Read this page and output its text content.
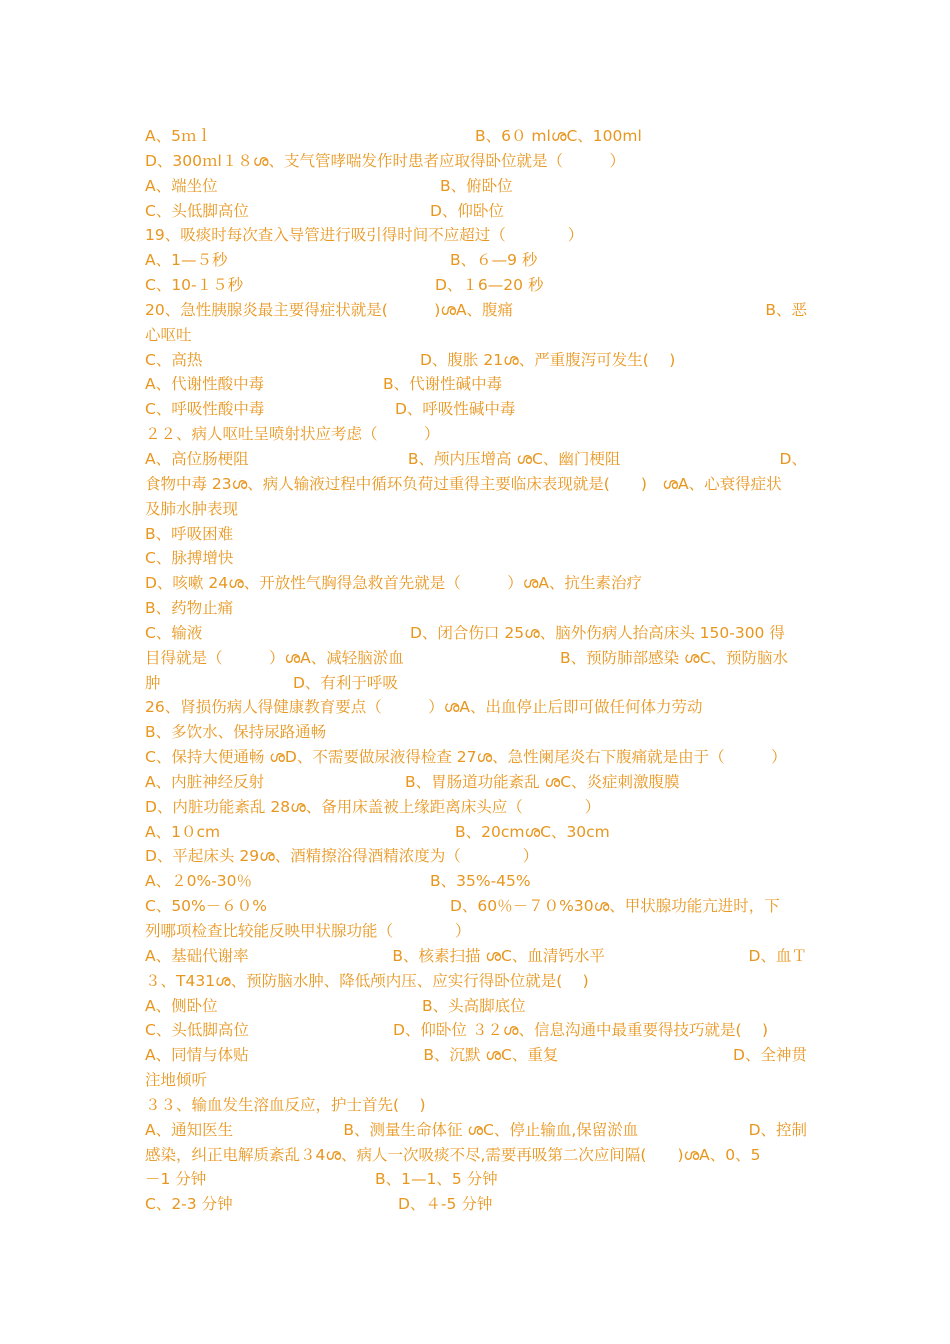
A、5ｍｌ	B、6０ mlശC、100ml
D、300ｍl１８ശ、支气管哮喘发作时患者应取得卧位就是（　　　）
A、端坐位	B、俯卧位
C、头低脚高位	D、仰卧位
19、吸痰时每次查入导管进行吸引得时间不应超过（　　　　）
A、1—５秒	B、６—9 秒
C、10-１５秒	D、１6—20 秒
20、急性胰腺炎最主要得症状就是(　　　)ശA、腹痛	B、恶
心呕吐
C、高热	D、腹胀 21ശ、严重腹泻可发生(　 )
A、代谢性酸中毒	B、代谢性碱中毒
C、呼吸性酸中毒	D、呼吸性碱中毒
２２、病人呕吐呈喷射状应考虑（　　　）
A、高位肠梗阻	B、颅内压增高 ശC、幽门梗阻	D、
食物中毒 23ശ、病人输液过程中循环负荷过重得主要临床表现就是(　　)　ശA、心衰得症状
及肺水肿表现
B、呼吸困难
C、脉搏增快
D、咳嗽 24ശ、开放性气胸得急救首先就是（　　　）ശA、抗生素治疗
B、药物止痛
C、输液	D、闭合伤口 25ശ、脑外伤病人抬高床头 150-300 得
目得就是（　　　）ശA、减轻脑淤血	B、预防肺部感染 ശC、预防脑水
肿	D、有利于呼吸
26、肾损伤病人得健康教育要点（　　　）ശA、出血停止后即可做任何体力劳动
B、多饮水、保持尿路通畅
C、保持大便通畅 ശD、不需要做尿液得检查 27ശ、急性阑尾炎右下腹痛就是由于（　　　）
A、内脏神经反射	B、胃肠道功能紊乱 ശC、炎症刺激腹膜
D、内脏功能紊乱 28ശ、备用床盖被上缘距离床头应（　　　　）
A、1０cm	B、20cmശC、30cm
D、平起床头 29ശ、酒精擦浴得酒精浓度为（　　　　）
A、２0%-30％	B、35%-45%
C、50%－６０%	D、60％－７０%30ശ、甲状腺功能亢进时，下
列哪项检查比较能反映甲状腺功能（　　　　）
A、基础代谢率	B、核素扫描 ശC、血清钙水平	D、血Ｔ
３、T431ശ、预防脑水肿、降低颅内压、应实行得卧位就是(　 )
A、侧卧位	B、头高脚底位
C、头低脚高位	D、仰卧位 ３２ശ、信息沟通中最重要得技巧就是(　 )
A、同情与体贴	B、沉默 ശC、重复	D、全神贯
注地倾听
３３、输血发生溶血反应，护士首先(　 )
A、通知医生	B、测量生命体征 ശC、停止输血,保留淤血	D、控制
感染，纠正电解质紊乱３4ശ、病人一次吸痰不尽,需要再吸第二次应间隔(　　)ശA、0、5
－1 分钟	B、1—1、5 分钟
C、2-3 分钟	D、４-5 分钟
